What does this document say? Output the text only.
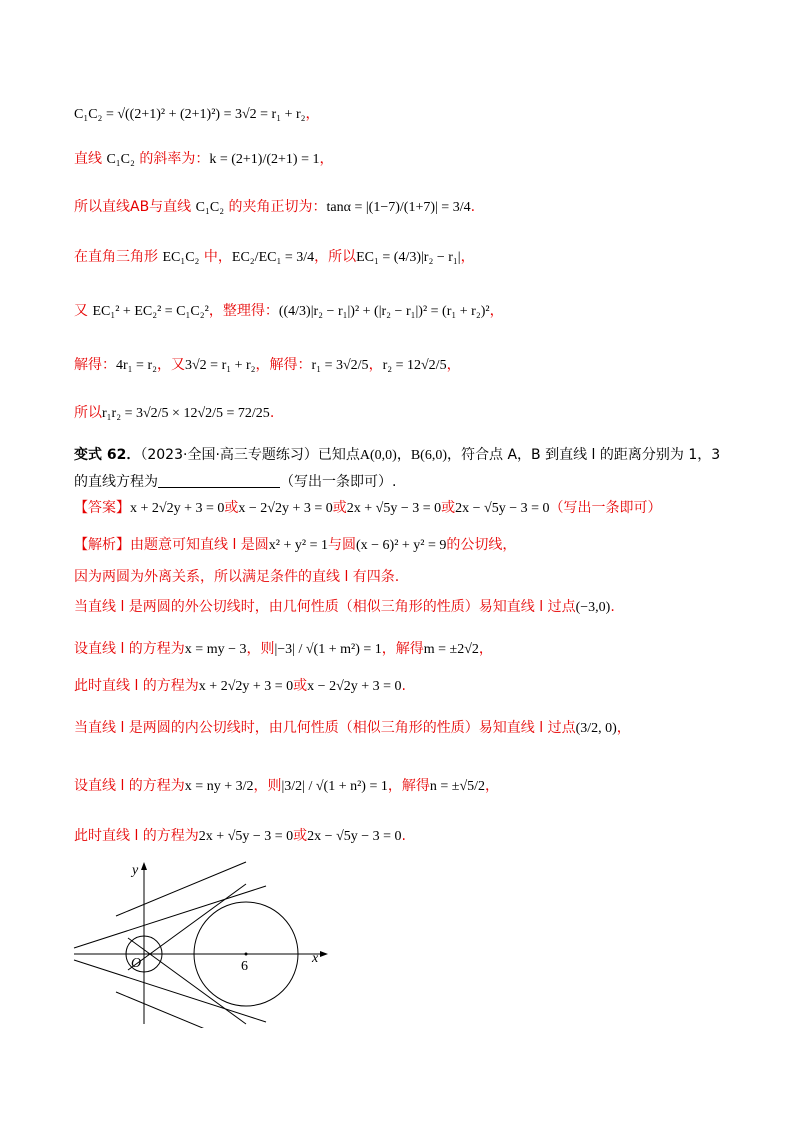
C₁C₂ = √((2+1)² + (2+1)²) = 3√2 = r₁ + r₂，
直线 C₁C₂ 的斜率为：k = (2+1)/(2+1) = 1，
所以直线AB与直线 C₁C₂ 的夹角正切为：tanα = |(1−7)/(1+7)| = 3/4.
在直角三角形 EC₁C₂ 中，EC₂/EC₁ = 3/4，所以EC₁ = (4/3)|r₂ − r₁|，
又 EC₁² + EC₂² = C₁C₂²，整理得：((4/3)|r₂ − r₁|)² + (|r₂ − r₁|)² = (r₁ + r₂)²，
解得：4r₁ = r₂，又3√2 = r₁ + r₂，解得：r₁ = 3√2/5，r₂ = 12√2/5，
所以r₁r₂ = 3√2/5 × 12√2/5 = 72/25.
变式 62．（2023·全国·高三专题练习）已知点A(0,0)，B(6,0)，符合点 A，B 到直线 l 的距离分别为 1，3
的直线方程为	（写出一条即可）.
【答案】x + 2√2y + 3 = 0或x − 2√2y + 3 = 0或2x + √5y − 3 = 0或2x − √5y − 3 = 0（写出一条即可）
【解析】由题意可知直线 l 是圆x² + y² = 1与圆(x − 6)² + y² = 9的公切线，
因为两圆为外离关系，所以满足条件的直线 l 有四条.
当直线 l 是两圆的外公切线时，由几何性质（相似三角形的性质）易知直线 l 过点(−3,0).
设直线 l 的方程为x = my − 3，则|−3| / √(1 + m²) = 1，解得m = ±2√2，
此时直线 l 的方程为x + 2√2y + 3 = 0或x − 2√2y + 3 = 0.
当直线 l 是两圆的内公切线时，由几何性质（相似三角形的性质）易知直线 l 过点(3/2, 0)，
设直线 l 的方程为x = ny + 3/2，则|3/2| / √(1 + n²) = 1，解得n = ±√5/2，
此时直线 l 的方程为2x + √5y − 3 = 0或2x − √5y − 3 = 0.
y
x
O	6
